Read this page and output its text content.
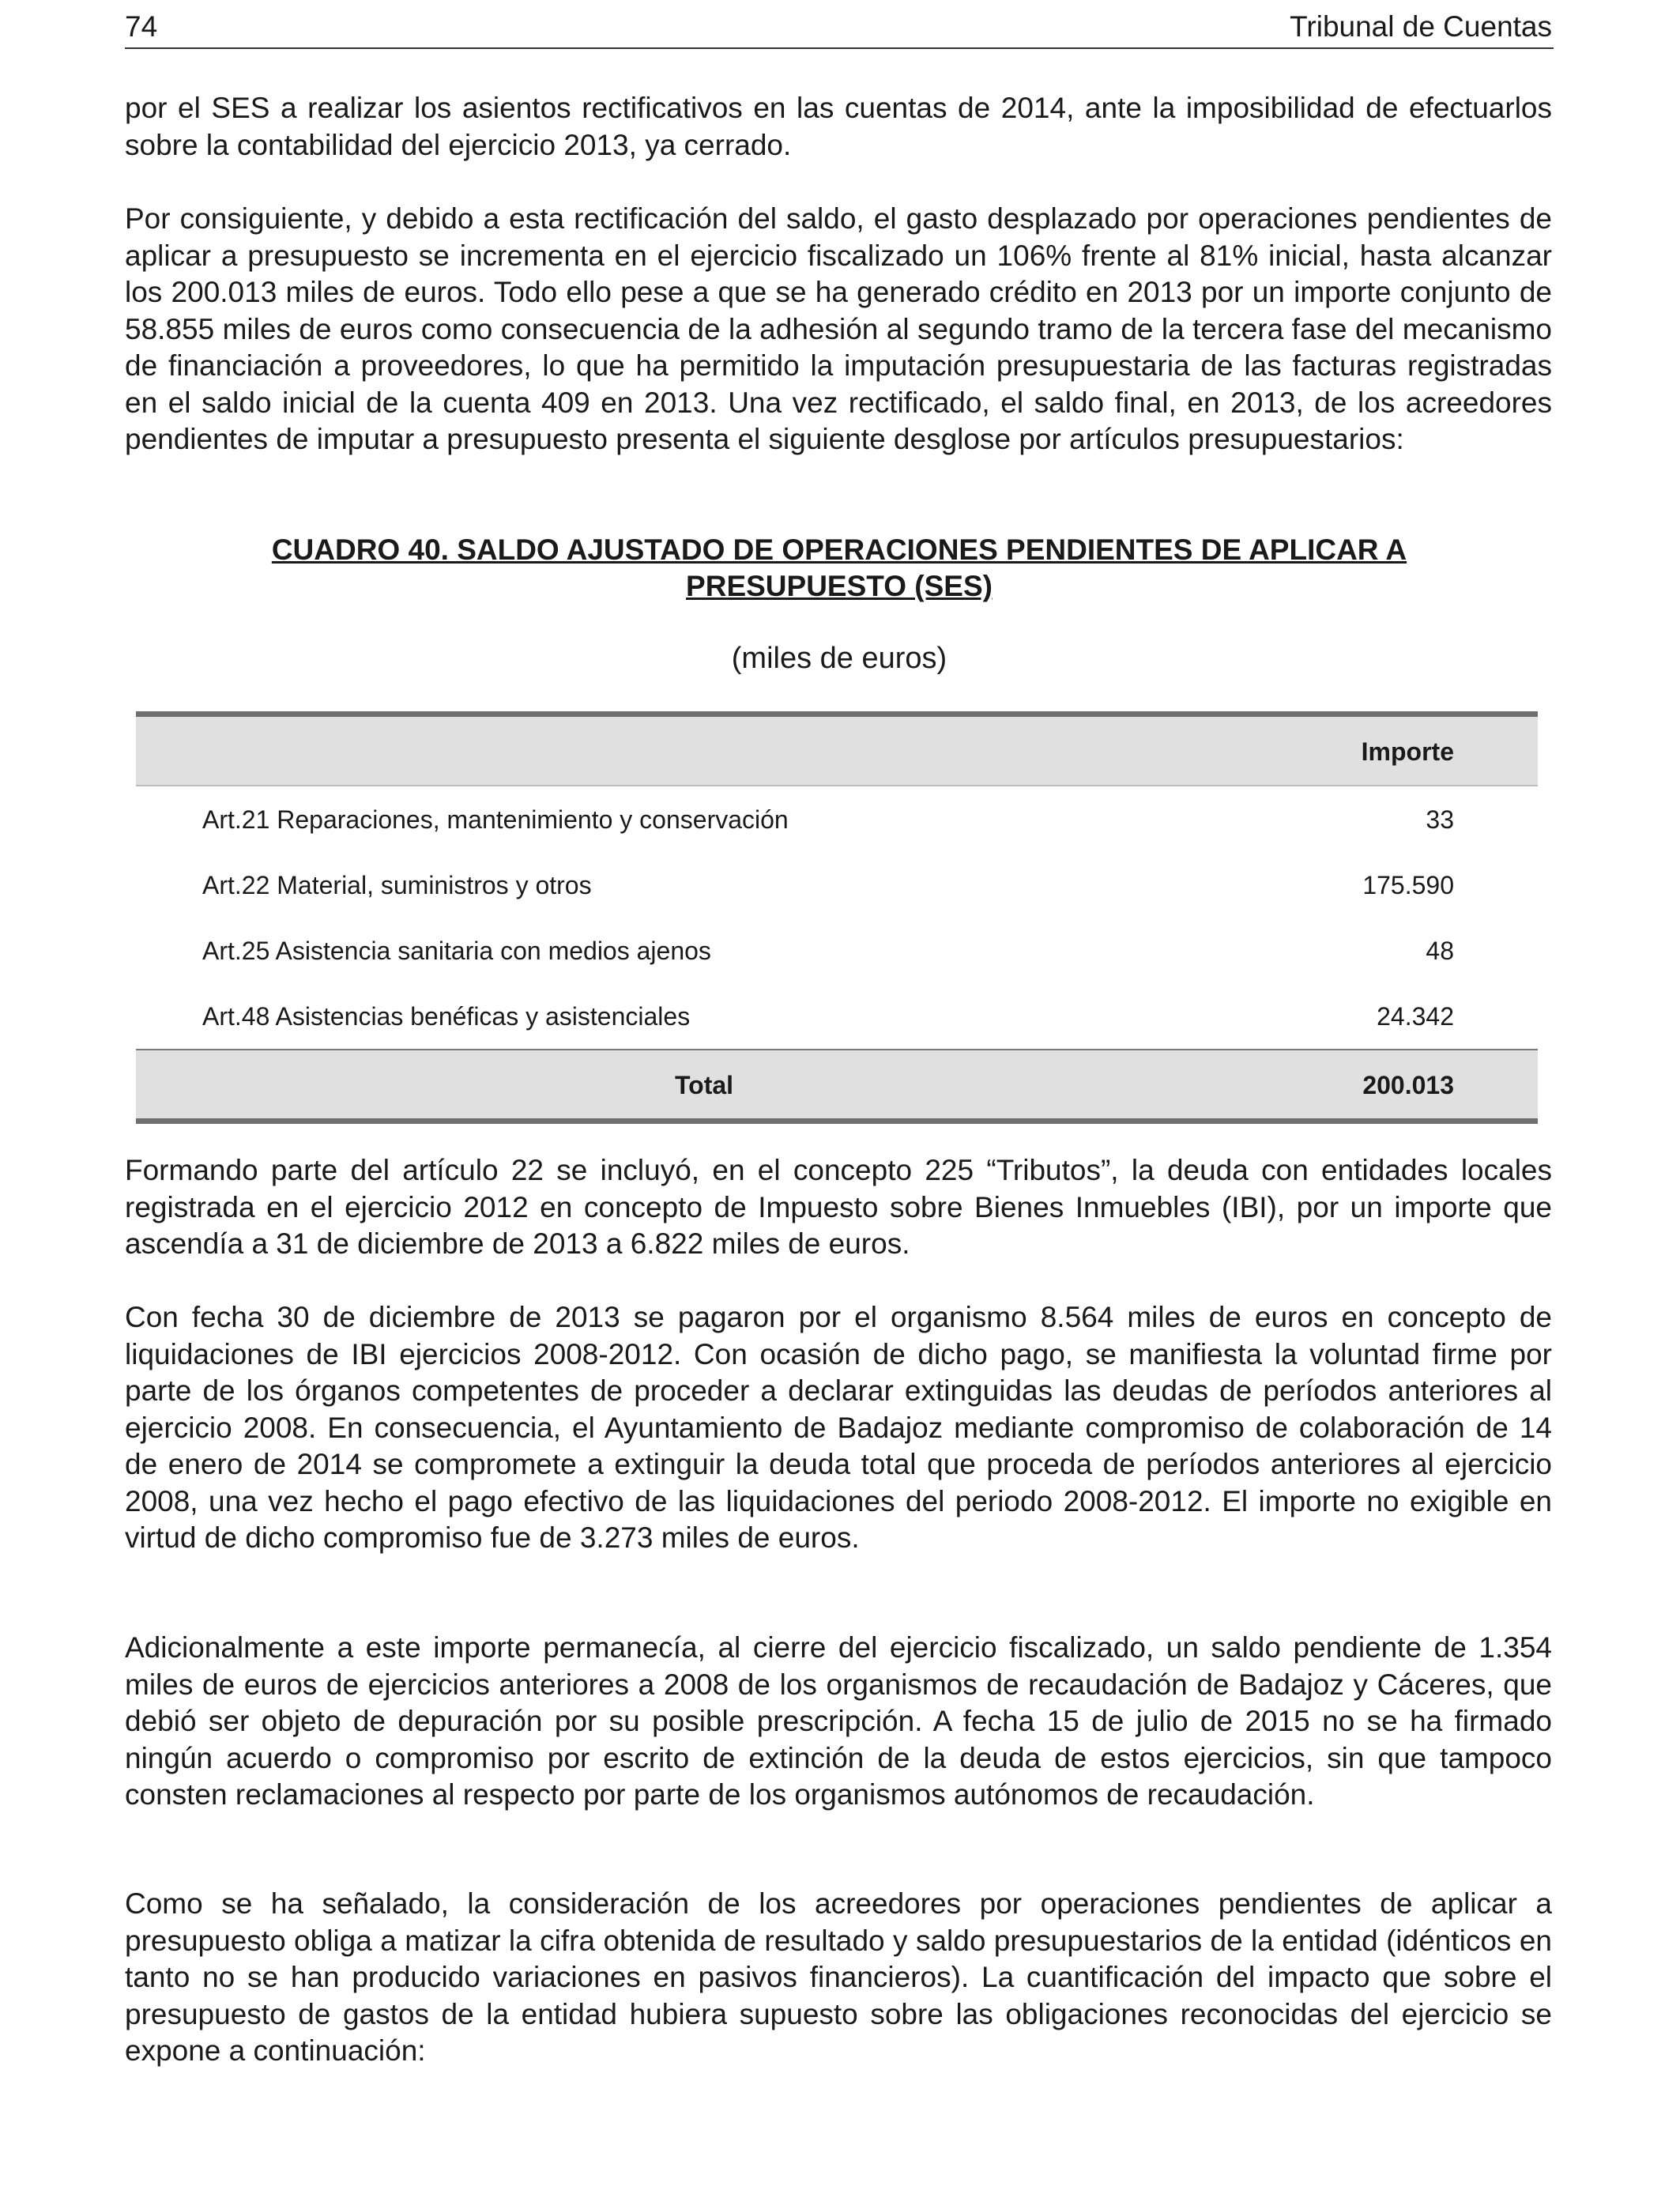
74	Tribunal de Cuentas

por el SES a realizar los asientos rectificativos en las cuentas de 2014, ante la imposibilidad de efectuarlos sobre la contabilidad del ejercicio 2013, ya cerrado.

Por consiguiente, y debido a esta rectificación del saldo, el gasto desplazado por operaciones pendientes de aplicar a presupuesto se incrementa en el ejercicio fiscalizado un 106% frente al 81% inicial, hasta alcanzar los 200.013 miles de euros. Todo ello pese a que se ha generado crédito en 2013 por un importe conjunto de 58.855 miles de euros como consecuencia de la adhesión al segundo tramo de la tercera fase del mecanismo de financiación a proveedores, lo que ha permitido la imputación presupuestaria de las facturas registradas en el saldo inicial de la cuenta 409 en 2013. Una vez rectificado, el saldo final, en 2013, de los acreedores pendientes de imputar a presupuesto presenta el siguiente desglose por artículos presupuestarios:

CUADRO 40. SALDO AJUSTADO DE OPERACIONES PENDIENTES DE APLICAR A
PRESUPUESTO (SES)
(miles de euros)
Importe
Art.21 Reparaciones, mantenimiento y conservación	33
Art.22 Material, suministros y otros	175.590
Art.25 Asistencia sanitaria con medios ajenos	48
Art.48 Asistencias benéficas y asistenciales	24.342
Total	200.013

Formando parte del artículo 22 se incluyó, en el concepto 225 “Tributos”, la deuda con entidades locales registrada en el ejercicio 2012 en concepto de Impuesto sobre Bienes Inmuebles (IBI), por un importe que ascendía a 31 de diciembre de 2013 a 6.822 miles de euros.

Con fecha 30 de diciembre de 2013 se pagaron por el organismo 8.564 miles de euros en concepto de liquidaciones de IBI ejercicios 2008-2012. Con ocasión de dicho pago, se manifiesta la voluntad firme por parte de los órganos competentes de proceder a declarar extinguidas las deudas de períodos anteriores al ejercicio 2008. En consecuencia, el Ayuntamiento de Badajoz mediante compromiso de colaboración de 14 de enero de 2014 se compromete a extinguir la deuda total que proceda de períodos anteriores al ejercicio 2008, una vez hecho el pago efectivo de las liquidaciones del periodo 2008-2012. El importe no exigible en virtud de dicho compromiso fue de 3.273 miles de euros.

Adicionalmente a este importe permanecía, al cierre del ejercicio fiscalizado, un saldo pendiente de 1.354 miles de euros de ejercicios anteriores a 2008 de los organismos de recaudación de Badajoz y Cáceres, que debió ser objeto de depuración por su posible prescripción. A fecha 15 de julio de 2015 no se ha firmado ningún acuerdo o compromiso por escrito de extinción de la deuda de estos ejercicios, sin que tampoco consten reclamaciones al respecto por parte de los organismos autónomos de recaudación.

Como se ha señalado, la consideración de los acreedores por operaciones pendientes de aplicar a presupuesto obliga a matizar la cifra obtenida de resultado y saldo presupuestarios de la entidad (idénticos en tanto no se han producido variaciones en pasivos financieros). La cuantificación del impacto que sobre el presupuesto de gastos de la entidad hubiera supuesto sobre las obligaciones reconocidas del ejercicio se expone a continuación:
